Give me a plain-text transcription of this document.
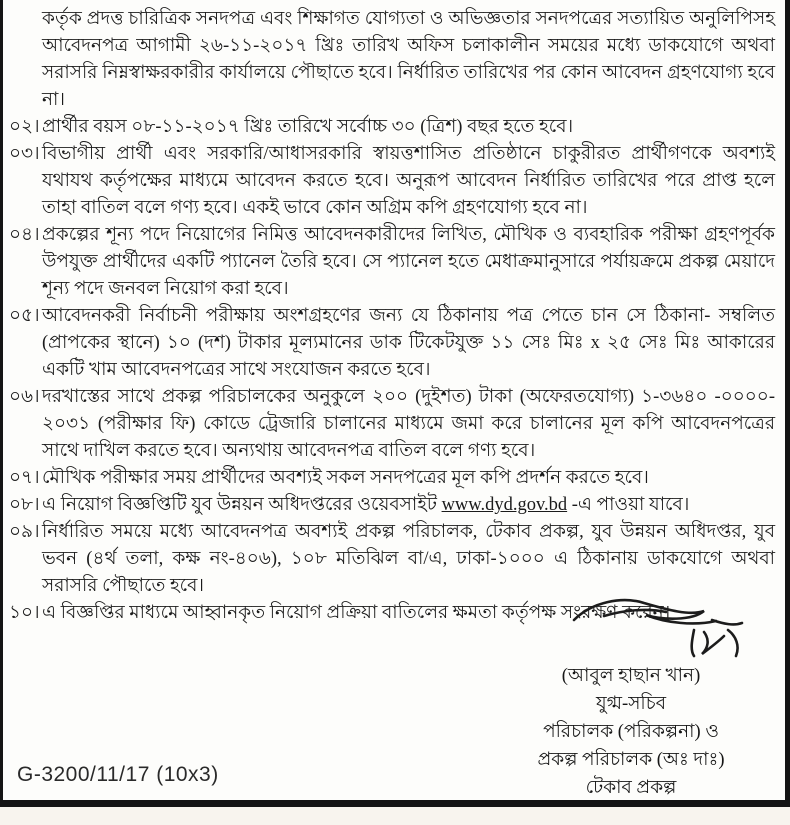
কর্তৃক প্রদত্ত চারিত্রিক সনদপত্র এবং শিক্ষাগত যোগ্যতা ও অভিজ্ঞতার সনদপত্রের সত্যায়িত অনুলিপিসহ আবেদনপত্র আগামী ২৬-১১-২০১৭ খ্রিঃ তারিখ অফিস চলাকালীন সময়ের মধ্যে ডাকযোগে অথবা সরাসরি নিম্নস্বাক্ষরকারীর কার্যালয়ে পৌছাতে হবে। নির্ধারিত তারিখের পর কোন আবেদন গ্রহণযোগ্য হবে না।
০২। প্রার্থীর বয়স ০৮-১১-২০১৭ খ্রিঃ তারিখে সর্বোচ্চ ৩০ (ত্রিশ) বছর হতে হবে।
০৩। বিভাগীয় প্রার্থী এবং সরকারি/আধাসরকারি স্বায়ত্তশাসিত প্রতিষ্ঠানে চাকুরীরত প্রার্থীগণকে অবশ্যই যথাযথ কর্তৃপক্ষের মাধ্যমে আবেদন করতে হবে। অনুরূপ আবেদন নির্ধারিত তারিখের পরে প্রাপ্ত হলে তাহা বাতিল বলে গণ্য হবে। একই ভাবে কোন অগ্রিম কপি গ্রহণযোগ্য হবে না।
০৪। প্রকল্পের শূন্য পদে নিয়োগের নিমিত্ত আবেদনকারীদের লিখিত, মৌখিক ও ব্যবহারিক পরীক্ষা গ্রহণপূর্বক উপযুক্ত প্রার্থীদের একটি প্যানেল তৈরি হবে। সে প্যানেল হতে মেধাক্রমানুসারে পর্যায়ক্রমে প্রকল্প মেয়াদে শূন্য পদে জনবল নিয়োগ করা হবে।
০৫। আবেদনকরী নির্বাচনী পরীক্ষায় অংশগ্রহণের জন্য যে ঠিকানায় পত্র পেতে চান সে ঠিকানা- সম্বলিত (প্রাপকের স্থানে) ১০ (দশ) টাকার মূল্যমানের ডাক টিকেটযুক্ত ১১ সেঃ মিঃ x ২৫ সেঃ মিঃ আকারের একটি খাম আবেদনপত্রের সাথে সংযোজন করতে হবে।
০৬। দরখাস্তের সাথে প্রকল্প পরিচালকের অনুকুলে ২০০ (দুইশত) টাকা (অফেরতযোগ্য) ১-৩৬৪০ -০০০০- ২০৩১ (পরীক্ষার ফি) কোডে ট্রেজারি চালানের মাধ্যমে জমা করে চালানের মূল কপি আবেদনপত্রের সাথে দাখিল করতে হবে। অন্যথায় আবেদনপত্র বাতিল বলে গণ্য হবে।
০৭। মৌখিক পরীক্ষার সময় প্রার্থীদের অবশ্যই সকল সনদপত্রের মূল কপি প্রদর্শন করতে হবে।
০৮। এ নিয়োগ বিজ্ঞপ্তিটি যুব উন্নয়ন অধিদপ্তরের ওয়েবসাইট www.dyd.gov.bd -এ পাওয়া যাবে।
০৯। নির্ধারিত সময়ে মধ্যে আবেদনপত্র অবশ্যই প্রকল্প পরিচালক, টেকাব প্রকল্প, যুব উন্নয়ন অধিদপ্তর, যুব ভবন (৪র্থ তলা, কক্ষ নং-৪০৬), ১০৮ মতিঝিল বা/এ, ঢাকা-১০০০ এ ঠিকানায় ডাকযোগে অথবা সরাসরি পৌছাতে হবে।
১০। এ বিজ্ঞপ্তির মাধ্যমে আহ্বানকৃত নিয়োগ প্রক্রিয়া বাতিলের ক্ষমতা কর্তৃপক্ষ সংরক্ষণ করেন।
(আবুল হাছান খান)
যুগ্ম-সচিব
পরিচালক (পরিকল্পনা) ও
প্রকল্প পরিচালক (অঃ দাঃ)
টেকাব প্রকল্প
G-3200/11/17 (10x3)
